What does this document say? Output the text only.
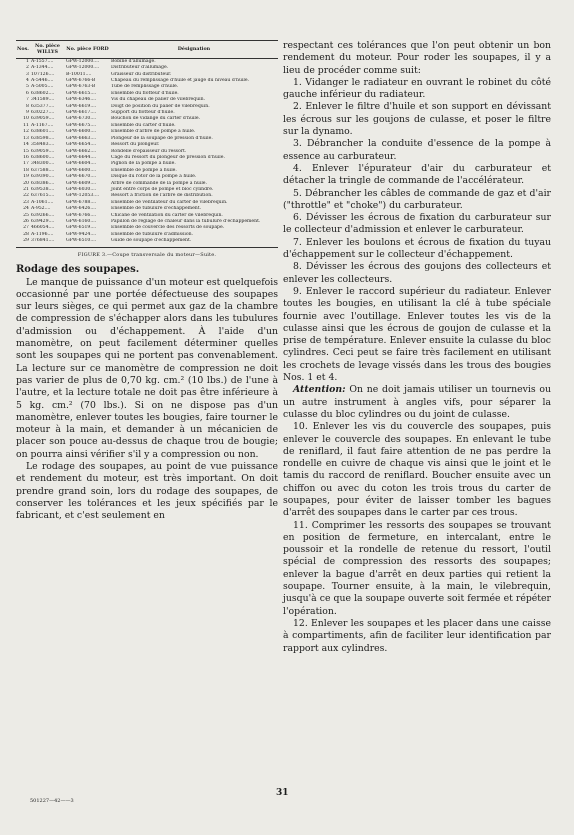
Nos.	No. pièce WILLYS	No. pièce FORD	Désignation
1	A-1557....	GPW-12000....	Bobine d'allumage.
2	A-1344....	GPW-12000....	Distributeur d'allumage.
3	107126....	B-10011....	Graisseur du distributeur.
4	A-5446....	GPW-6766-B	Chapeau du remplissage d'huile et jauge du niveau d'huile.
5	A-5005....	GPW-6763-B	Tube de remplissage d'huile.
6	638602....	GPW-6615....	Ensemble du flotteur d'huile.
7	341589....	GPW-6346....	Vis du chapeau de palier de vilebrequin.
8	635377....	GPW-6619....	Doigt de position du palier de vilebrequin.
9	630227....	GPW-6617....	Support du flotteur d'huile.
10	639059....	GPW-6730....	Bouchon de vidange du carter d'huile.
11	A-1167....	GPW-6675....	Ensemble du carter d'huile.
12	638601....	GPW-6600....	Ensemble d'arbre de pompe à huile.
13	638598....	GPW-6663....	Plongeur de la soupape de pression d'huile.
14	358483....	GPW-6654....	Ressort du plongeur.
15	639059....	GPW-6662....	Rondelle d'épaisseur du ressort.
16	638600....	GPW-6644....	Cage du ressort du plongeur de pression d'huile.
17	348300....	GPW-6604....	Pignon de la pompe à huile.
18	637588....	GPW-6600....	Ensemble de pompe à huile.
19	639390....	GPW-6670....	Disque du rotor de la pompe à huile.
20	638386....	GPW-6609....	Arbre de commande de la pompe à huile.
21	639538....	GPW-6030....	Joint entre corps de pompe et bloc cylindre.
22	637615....	GPW-12053....	Ressort à friction de l'arbre de distribution.
23	A-1061....	GPW-6788....	Ensemble de ventilateur du carter de vilebrequin.
24	A-952....	GPW-6426....	Ensemble de tubulure d'échappement.
25	639266....	GPW-6766....	Chicane de ventilation du carter de vilebrequin.
26	639429....	GPW-6160....	Papillon de réglage de chaleur dans la tubulure d'échappement.
27	466054....	GPW-6519....	Ensemble de couvercle des ressorts de soupape.
28	A-1196....	GPW-9424....	Ensemble de tubulure d'admission.
29	376841....	GPW-6510....	Guide de soupape d'échappement.
FIGURE 3.—Coupe transversale du moteur—Suite.
Rodage des soupapes.

Le manque de puissance d'un moteur est quelquefois occasionné par une portée défectueuse des soupapes sur leurs sièges, ce qui permet aux gaz de la chambre de compression de s'échapper alors dans les tubulures d'admission ou d'échappement. À l'aide d'un manomètre, on peut facilement déterminer quelles sont les soupapes qui ne portent pas convenablement. La lecture sur ce manomètre de compression ne doit pas varier de plus de 0,70 kg. cm.² (10 lbs.) de l'une à l'autre, et la lecture totale ne doit pas être inférieure à 5 kg. cm.² (70 lbs.). Si on ne dispose pas d'un manomètre, enlever toutes les bougies, faire tourner le moteur à la main, et demander à un mécanicien de placer son pouce au-dessus de chaque trou de bougie; on pourra ainsi vérifier s'il y a compression ou non.

Le rodage des soupapes, au point de vue puissance et rendement du moteur, est très important. On doit prendre grand soin, lors du rodage des soupapes, de conserver les tolérances et les jeux spécifiés par le fabricant, et c'est seulement en

respectant ces tolérances que l'on peut obtenir un bon rendement du moteur. Pour roder les soupapes, il y a lieu de procéder comme suit:

1. Vidanger le radiateur en ouvrant le robinet du côté gauche inférieur du radiateur.

2. Enlever le filtre d'huile et son support en dévissant les écrous sur les goujons de culasse, et poser le filtre sur la dynamo.

3. Débrancher la conduite d'essence de la pompe à essence au carburateur.

4. Enlever l'épurateur d'air du carburateur et détacher la tringle de commande de l'accélérateur.

5. Débrancher les câbles de commande de gaz et d'air ("throttle" et "choke") du carburateur.

6. Dévisser les écrous de fixation du carburateur sur le collecteur d'admission et enlever le carburateur.

7. Enlever les boulons et écrous de fixation du tuyau d'échappement sur le collecteur d'échappement.

8. Dévisser les écrous des goujons des collecteurs et enlever les collecteurs.

9. Enlever le raccord supérieur du radiateur. Enlever toutes les bougies, en utilisant la clé à tube spéciale fournie avec l'outillage. Enlever toutes les vis de la culasse ainsi que les écrous de goujon de culasse et la prise de température. Enlever ensuite la culasse du bloc cylindres. Ceci peut se faire très facilement en utilisant les crochets de levage vissés dans les trous des bougies Nos. 1 et 4.

Attention: On ne doit jamais utiliser un tournevis ou un autre instrument à angles vifs, pour séparer la culasse du bloc cylindres ou du joint de culasse.

10. Enlever les vis du couvercle des soupapes, puis enlever le couvercle des soupapes. En enlevant le tube de reniflard, il faut faire attention de ne pas perdre la rondelle en cuivre de chaque vis ainsi que le joint et le tamis du raccord de reniflard. Boucher ensuite avec un chiffon ou avec du coton les trois trous du carter de soupapes, pour éviter de laisser tomber les bagues d'arrêt des soupapes dans le carter par ces trous.

11. Comprimer les ressorts des soupapes se trouvant en position de fermeture, en intercalant, entre le poussoir et la rondelle de retenue du ressort, l'outil spécial de compression des ressorts des soupapes; enlever la bague d'arrêt en deux parties qui retient la soupape. Tourner ensuite, à la main, le vilebrequin, jusqu'à ce que la soupape ouverte soit fermée et répéter l'opération.

12. Enlever les soupapes et les placer dans une caisse à compartiments, afin de faciliter leur identification par rapport aux cylindres.

31
501227—42——3
